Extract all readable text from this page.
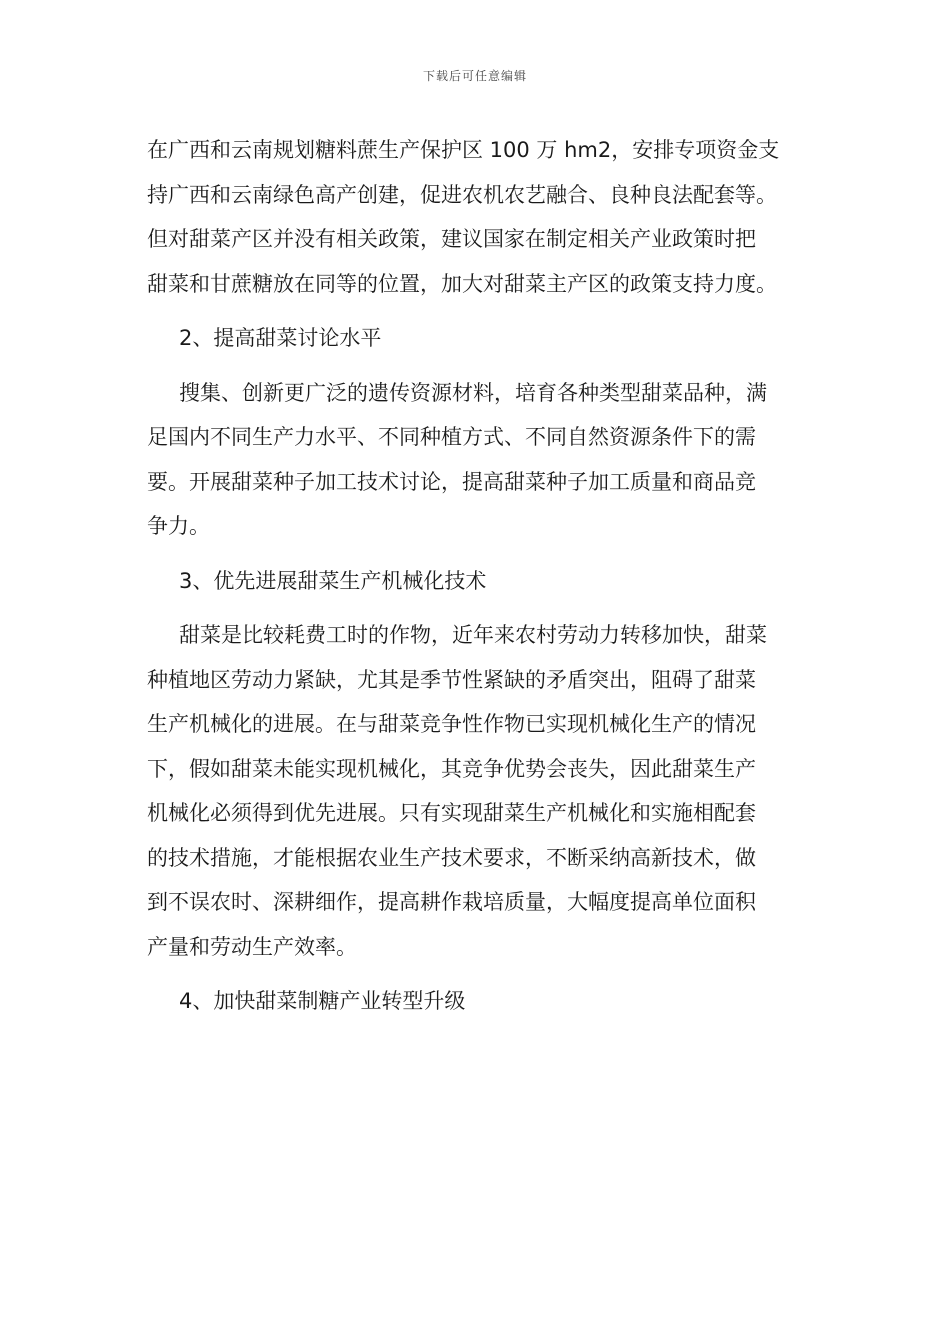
下载后可任意编辑
在广西和云南规划糖料蔗生产保护区 100 万 hm2，安排专项资金支
持广西和云南绿色高产创建，促进农机农艺融合、良种良法配套等。
但对甜菜产区并没有相关政策，建议国家在制定相关产业政策时把
甜菜和甘蔗糖放在同等的位置，加大对甜菜主产区的政策支持力度。
2、提高甜菜讨论水平
搜集、创新更广泛的遗传资源材料，培育各种类型甜菜品种，满
足国内不同生产力水平、不同种植方式、不同自然资源条件下的需
要。开展甜菜种子加工技术讨论，提高甜菜种子加工质量和商品竞
争力。
3、优先进展甜菜生产机械化技术
甜菜是比较耗费工时的作物，近年来农村劳动力转移加快，甜菜
种植地区劳动力紧缺，尤其是季节性紧缺的矛盾突出，阻碍了甜菜
生产机械化的进展。在与甜菜竞争性作物已实现机械化生产的情况
下，假如甜菜未能实现机械化，其竞争优势会丧失，因此甜菜生产
机械化必须得到优先进展。只有实现甜菜生产机械化和实施相配套
的技术措施，才能根据农业生产技术要求，不断采纳高新技术，做
到不误农时、深耕细作，提高耕作栽培质量，大幅度提高单位面积
产量和劳动生产效率。
4、加快甜菜制糖产业转型升级
